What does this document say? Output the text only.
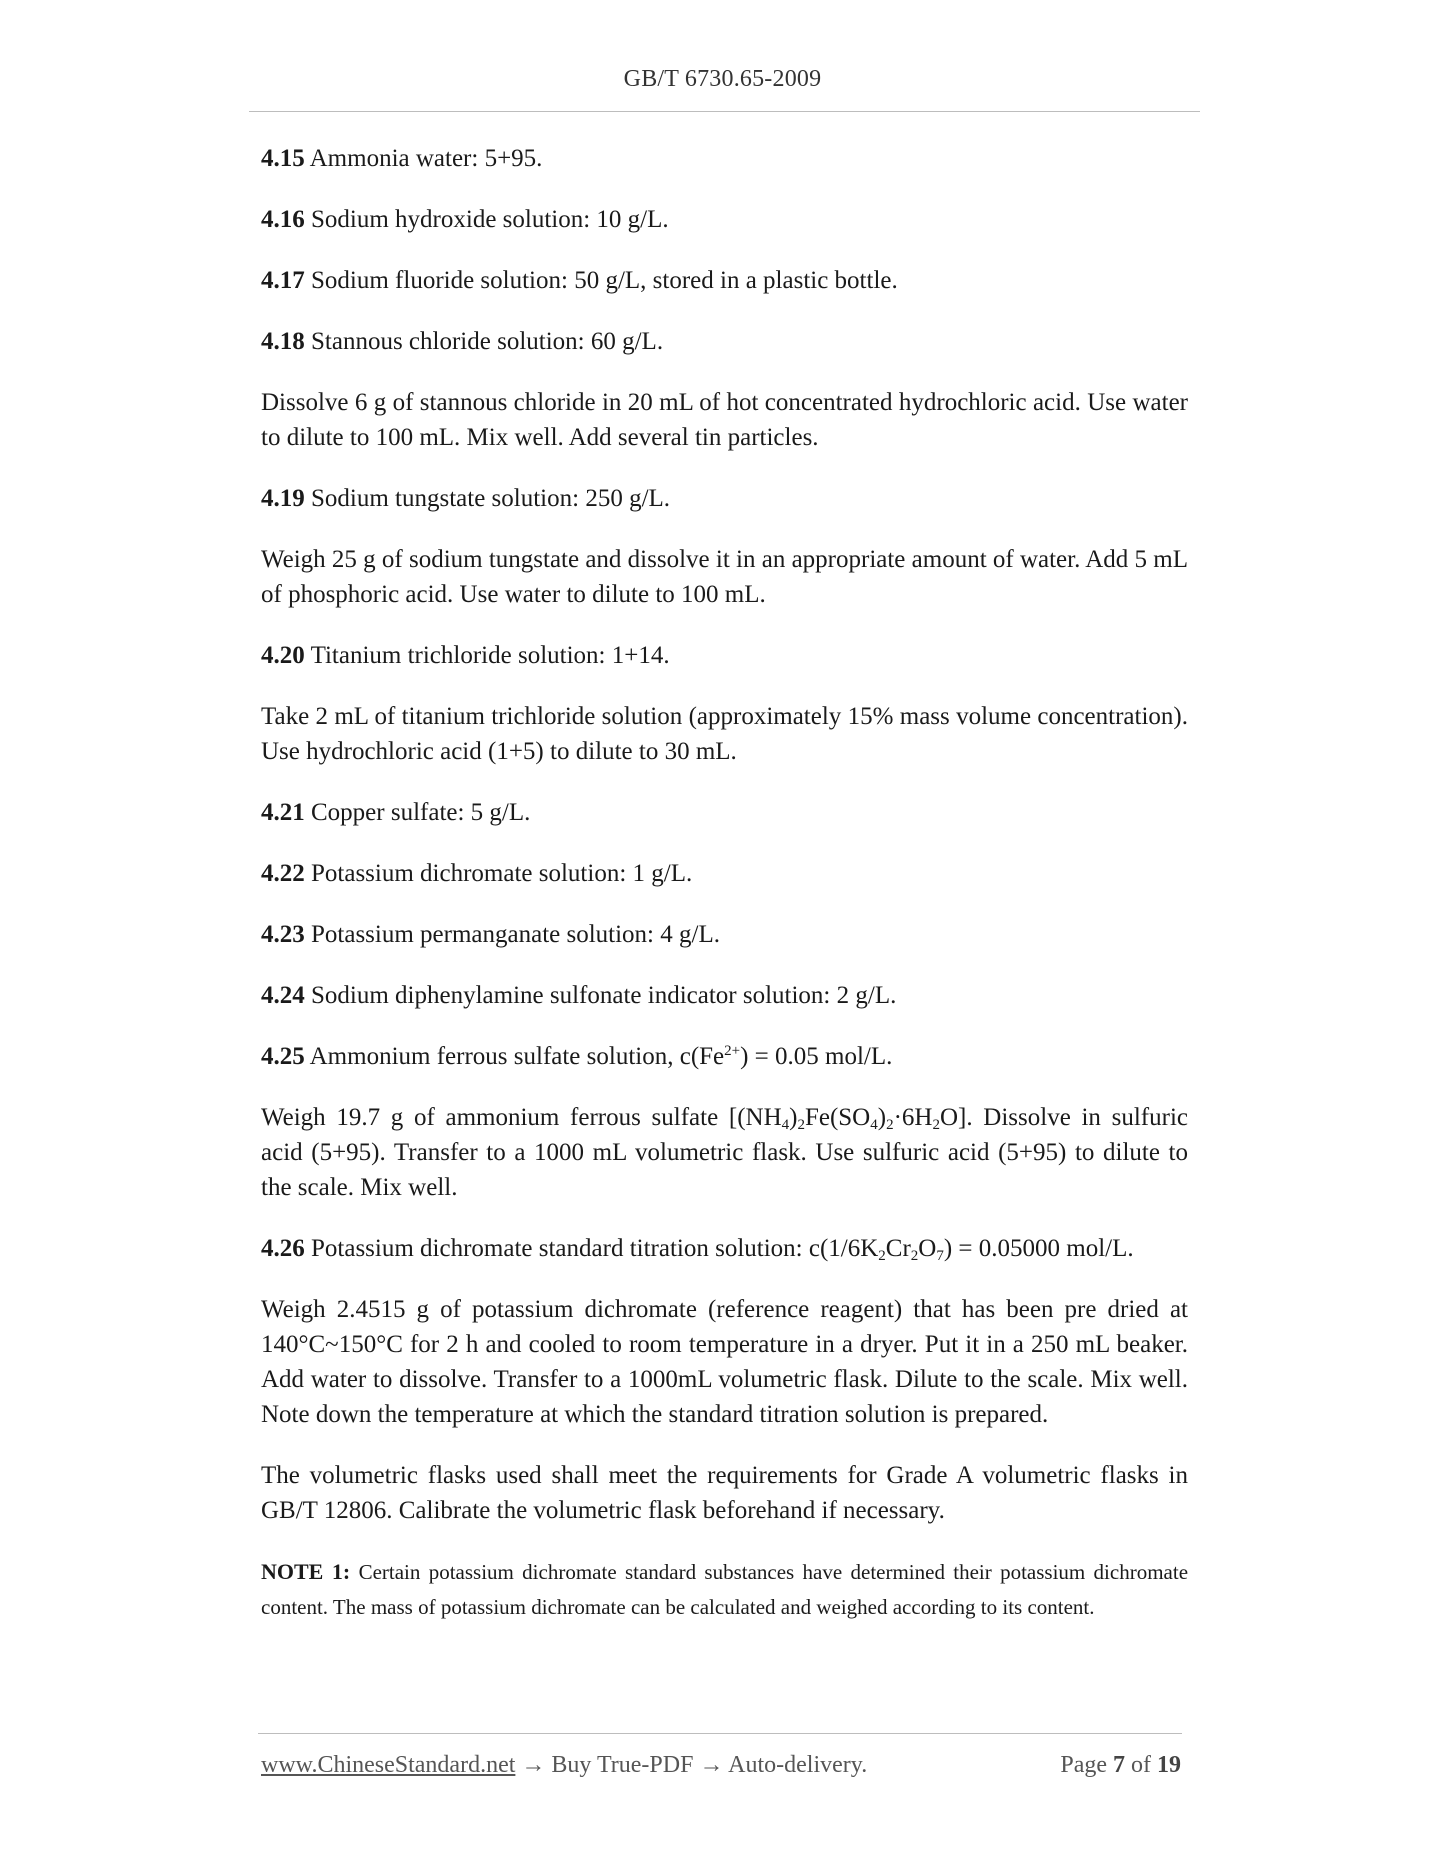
GB/T 6730.65-2009

4.15 Ammonia water: 5+95.

4.16 Sodium hydroxide solution: 10 g/L.

4.17 Sodium fluoride solution: 50 g/L, stored in a plastic bottle.

4.18 Stannous chloride solution: 60 g/L.

Dissolve 6 g of stannous chloride in 20 mL of hot concentrated hydrochloric acid. Use water to dilute to 100 mL. Mix well. Add several tin particles.

4.19 Sodium tungstate solution: 250 g/L.

Weigh 25 g of sodium tungstate and dissolve it in an appropriate amount of water. Add 5 mL of phosphoric acid. Use water to dilute to 100 mL.

4.20 Titanium trichloride solution: 1+14.

Take 2 mL of titanium trichloride solution (approximately 15% mass volume concentration). Use hydrochloric acid (1+5) to dilute to 30 mL.

4.21 Copper sulfate: 5 g/L.

4.22 Potassium dichromate solution: 1 g/L.

4.23 Potassium permanganate solution: 4 g/L.

4.24 Sodium diphenylamine sulfonate indicator solution: 2 g/L.

4.25 Ammonium ferrous sulfate solution, $c(Fe^{2+}) = 0.05$ mol/L.

Weigh 19.7 g of ammonium ferrous sulfate $[(NH_4)_2Fe(SO_4)_2\cdot 6H_2O]$. Dissolve in sulfuric acid (5+95). Transfer to a 1000 mL volumetric flask. Use sulfuric acid (5+95) to dilute to the scale. Mix well.

4.26 Potassium dichromate standard titration solution: $c(1/6K_2Cr_2O_7) = 0.05000$ mol/L.

Weigh 2.4515 g of potassium dichromate (reference reagent) that has been pre dried at 140°C~150°C for 2 h and cooled to room temperature in a dryer. Put it in a 250 mL beaker. Add water to dissolve. Transfer to a 1000mL volumetric flask. Dilute to the scale. Mix well. Note down the temperature at which the standard titration solution is prepared.

The volumetric flasks used shall meet the requirements for Grade A volumetric flasks in GB/T 12806. Calibrate the volumetric flask beforehand if necessary.

NOTE 1: Certain potassium dichromate standard substances have determined their potassium dichromate content. The mass of potassium dichromate can be calculated and weighed according to its content.

www.ChineseStandard.net → Buy True-PDF → Auto-delivery.	Page 7 of 19
